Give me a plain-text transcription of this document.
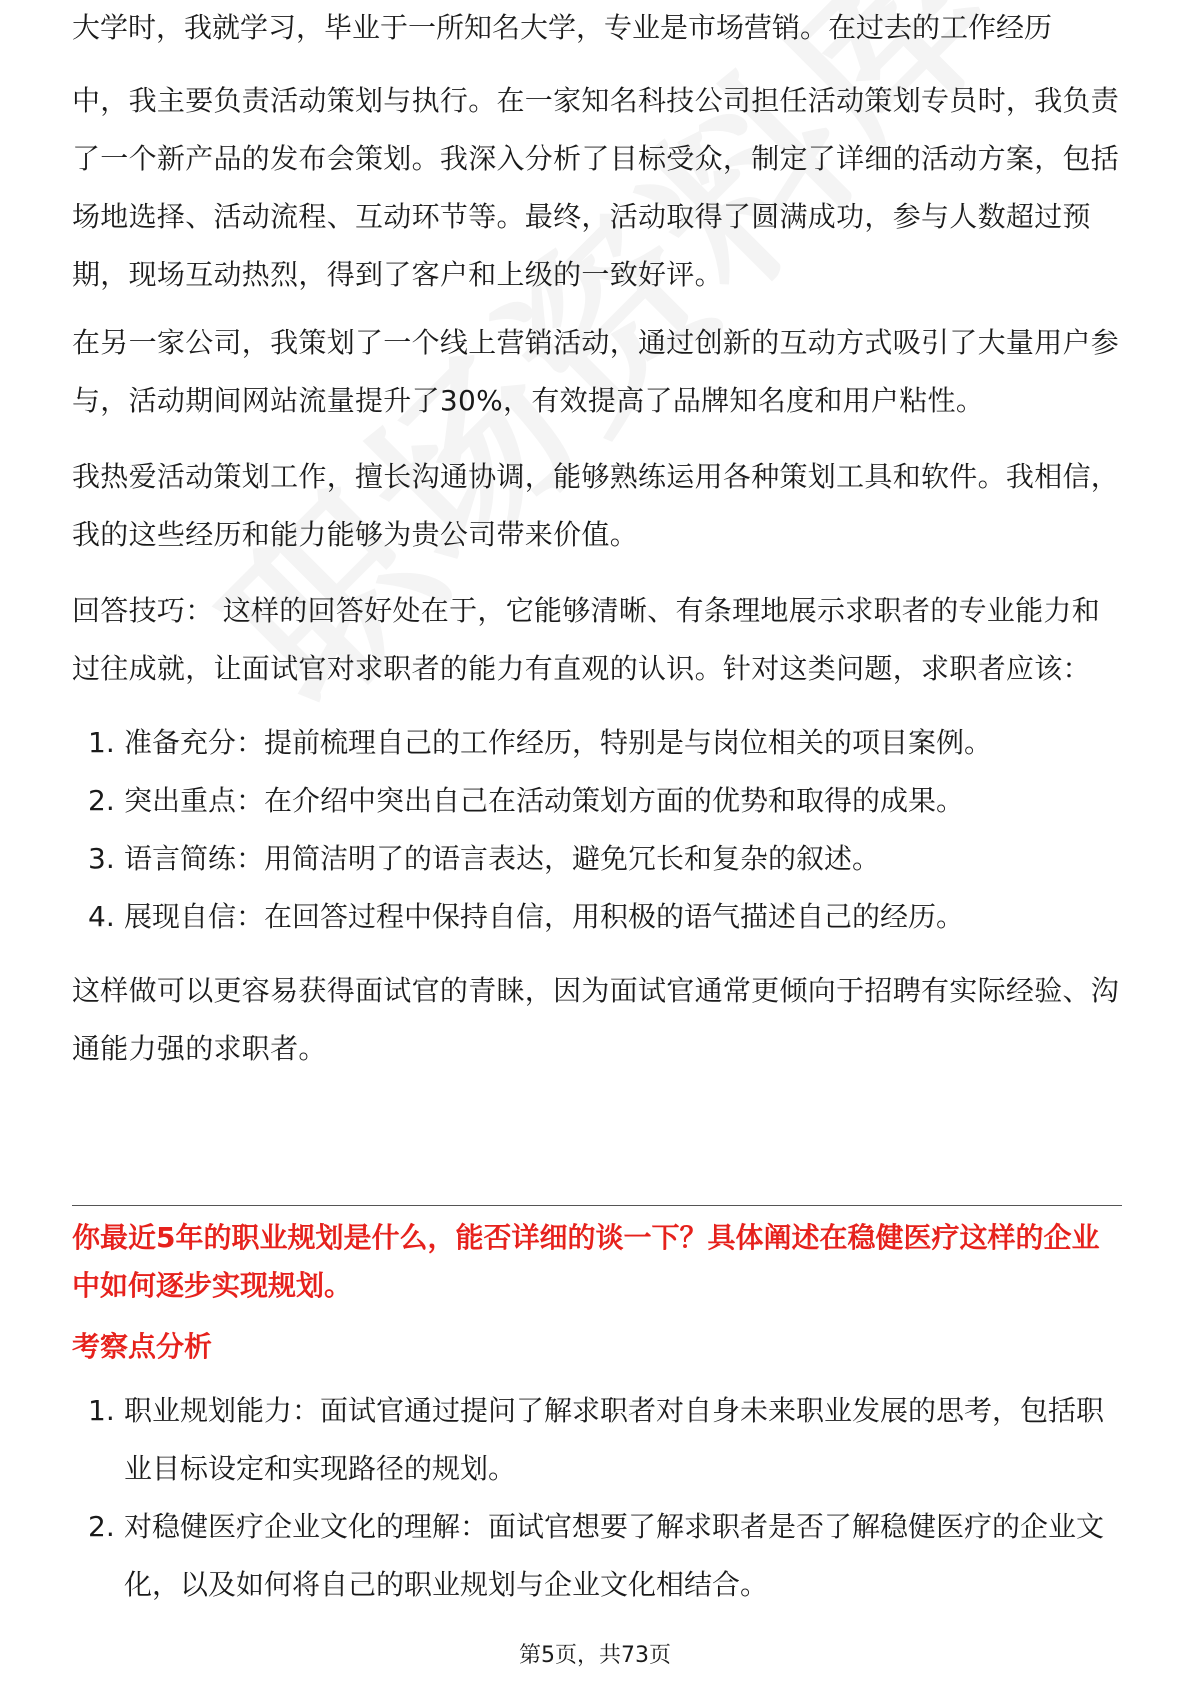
大学时，我就学习，毕业于一所知名大学，专业是市场营销。在过去的工作经历

中，我主要负责活动策划与执行。在一家知名科技公司担任活动策划专员时，我负责了一个新产品的发布会策划。我深入分析了目标受众，制定了详细的活动方案，包括场地选择、活动流程、互动环节等。最终，活动取得了圆满成功，参与人数超过预期，现场互动热烈，得到了客户和上级的一致好评。

在另一家公司，我策划了一个线上营销活动，通过创新的互动方式吸引了大量用户参与，活动期间网站流量提升了30%，有效提高了品牌知名度和用户粘性。

我热爱活动策划工作，擅长沟通协调，能够熟练运用各种策划工具和软件。我相信，我的这些经历和能力能够为贵公司带来价值。

回答技巧： 这样的回答好处在于，它能够清晰、有条理地展示求职者的专业能力和过往成就，让面试官对求职者的能力有直观的认识。针对这类问题，求职者应该：

1. 准备充分：提前梳理自己的工作经历，特别是与岗位相关的项目案例。
2. 突出重点：在介绍中突出自己在活动策划方面的优势和取得的成果。
3. 语言简练：用简洁明了的语言表达，避免冗长和复杂的叙述。
4. 展现自信：在回答过程中保持自信，用积极的语气描述自己的经历。

这样做可以更容易获得面试官的青睐，因为面试官通常更倾向于招聘有实际经验、沟通能力强的求职者。

你最近5年的职业规划是什么，能否详细的谈一下？具体阐述在稳健医疗这样的企业中如何逐步实现规划。

考察点分析

1. 职业规划能力：面试官通过提问了解求职者对自身未来职业发展的思考，包括职业目标设定和实现路径的规划。
2. 对稳健医疗企业文化的理解：面试官想要了解求职者是否了解稳健医疗的企业文化，以及如何将自己的职业规划与企业文化相结合。
第5页，共73页
